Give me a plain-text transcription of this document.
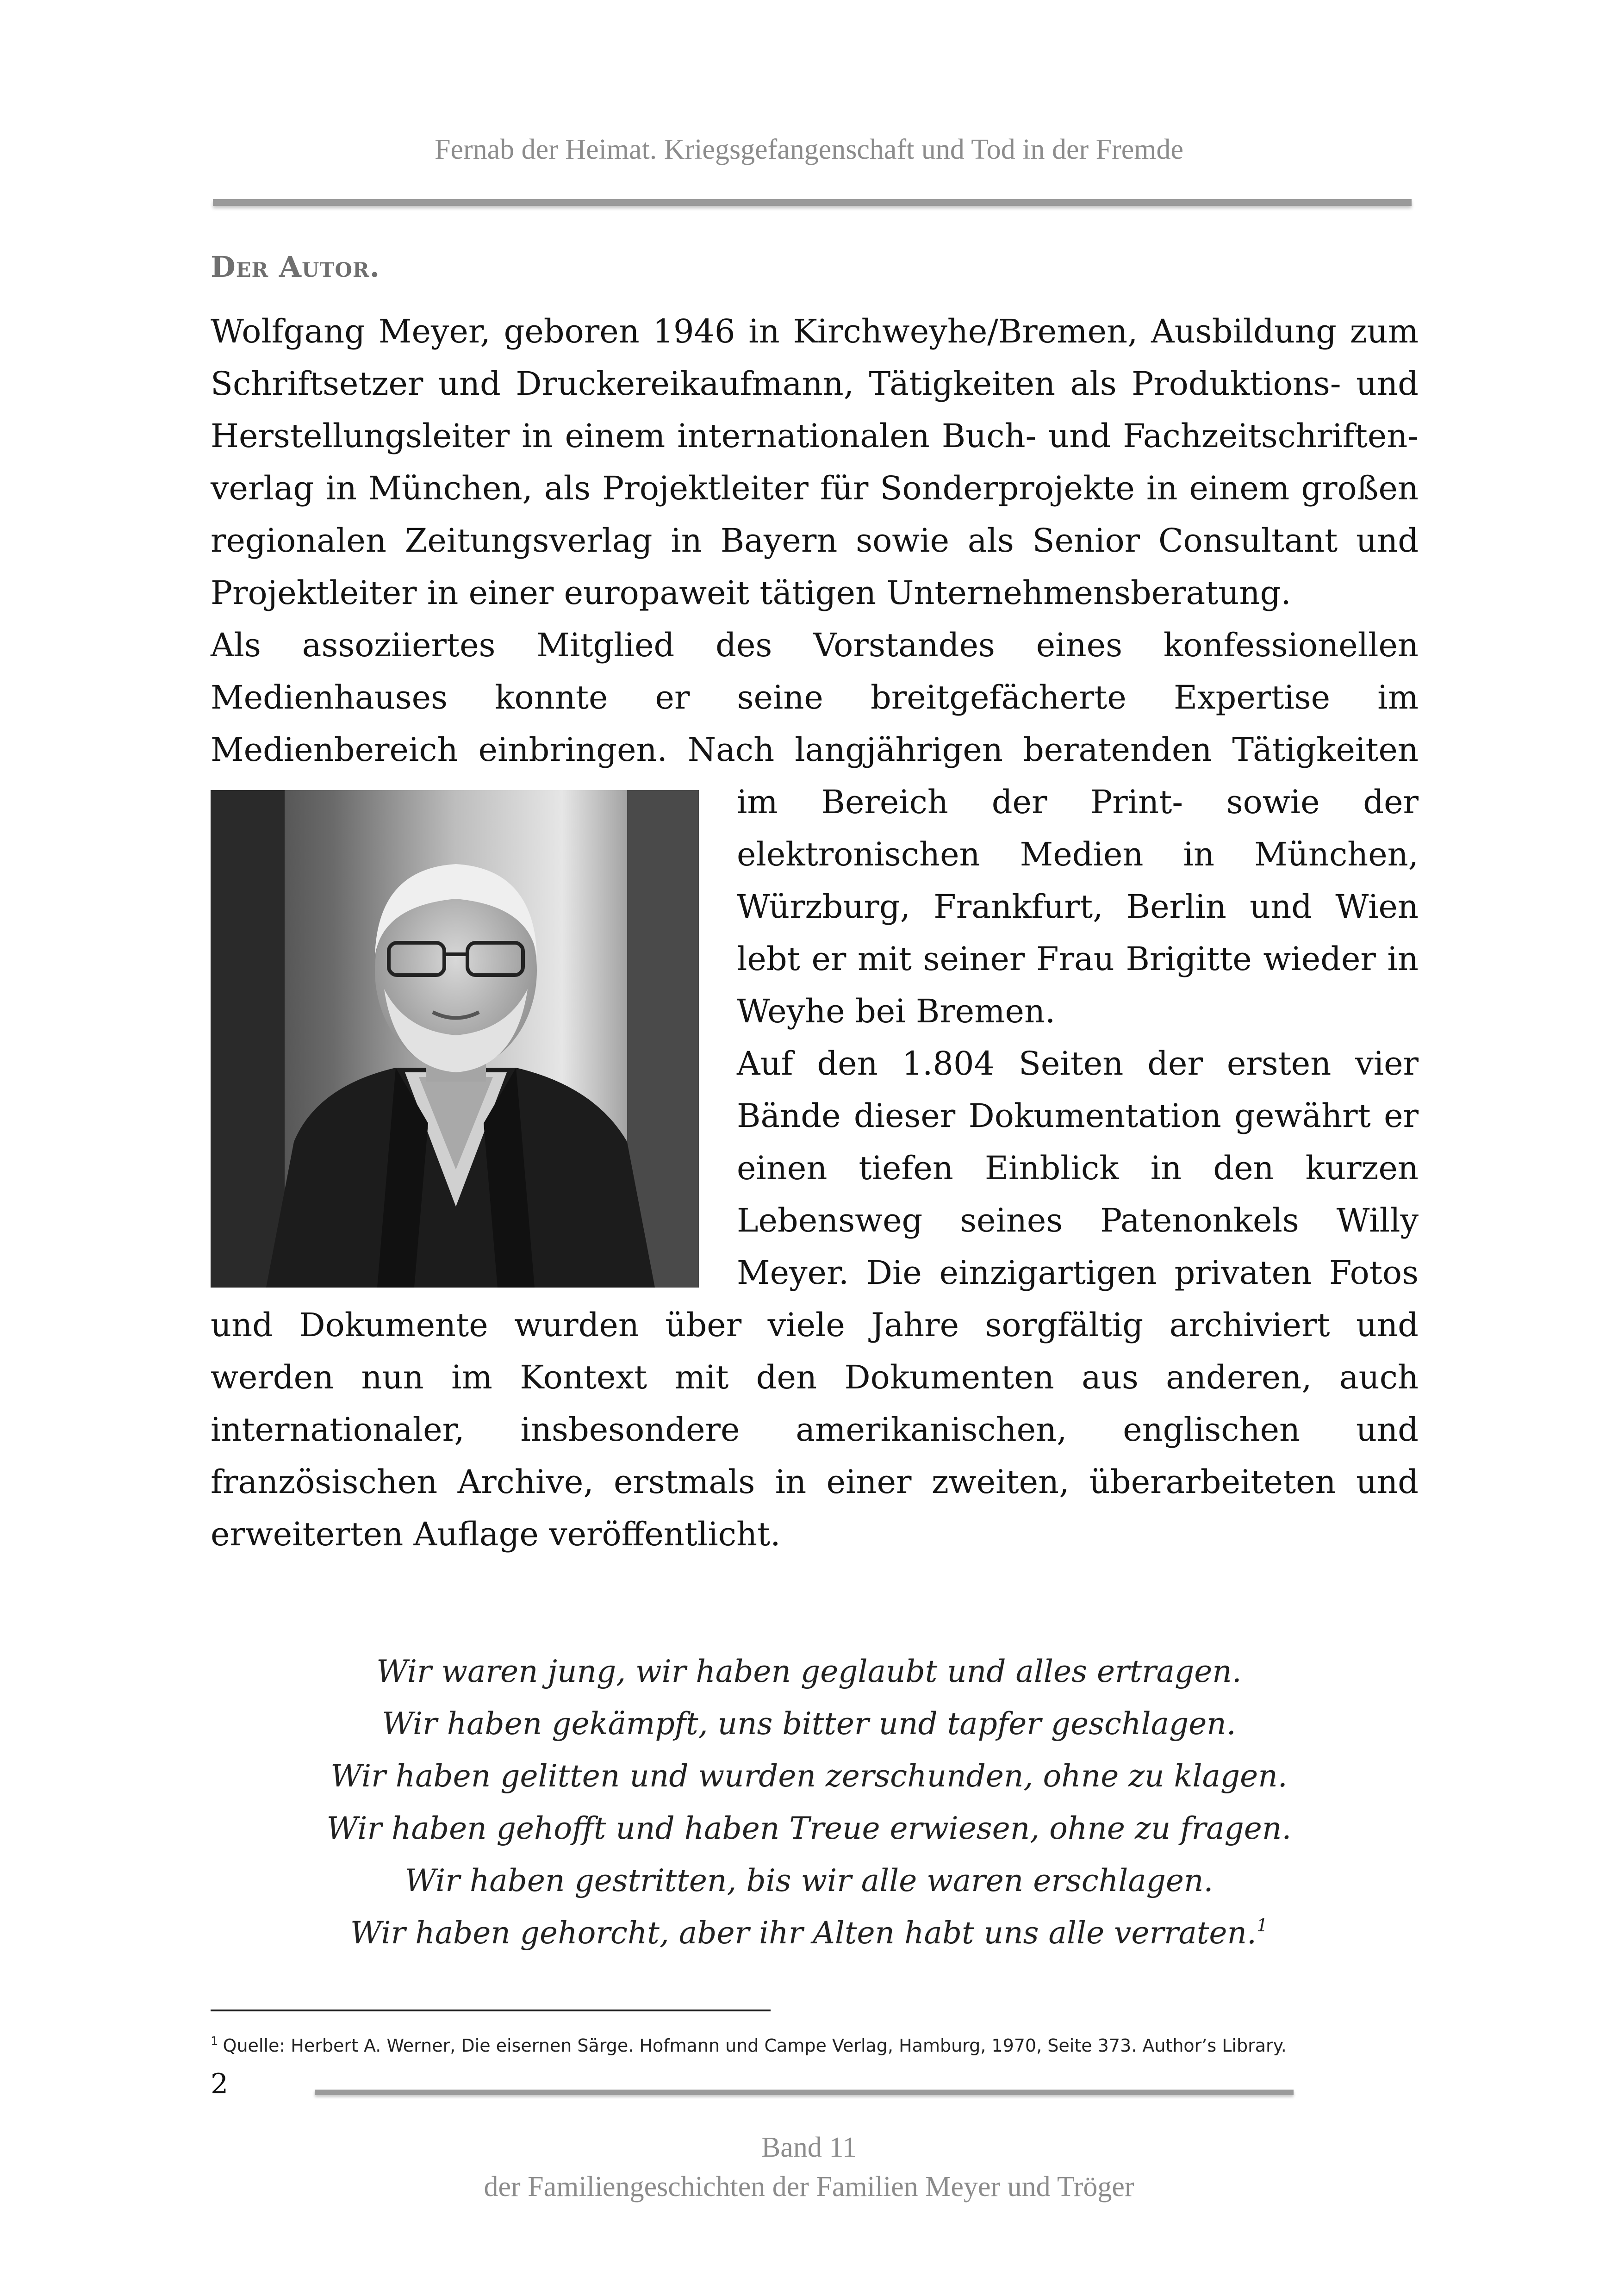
Fernab der Heimat. Kriegsgefangenschaft und Tod in der Fremde
Der Autor.

Wolfgang Meyer, geboren 1946 in Kirchweyhe/Bremen, Ausbildung zum Schriftsetzer und Druckereikaufmann, Tätigkeiten als Produktions- und Herstellungsleiter in einem internationalen Buch- und Fachzeitschriften-verlag in München, als Projektleiter für Sonderprojekte in einem großen regionalen Zeitungsverlag in Bayern sowie als Senior Consultant und Projektleiter in einer europaweit tätigen Unternehmensberatung.

Als assoziiertes Mitglied des Vorstandes eines konfessionellen Medienhauses konnte er seine breitgefächerte Expertise im Medienbereich einbringen. Nach langjährigen beratenden Tätigkeiten im Bereich der Print- sowie der elektronischen Medien in München, Würzburg, Frankfurt, Berlin und Wien lebt er mit seiner Frau Brigitte wieder in Weyhe bei Bremen.

Auf den 1.804 Seiten der ersten vier Bände dieser Dokumentation gewährt er einen tiefen Einblick in den kurzen Lebensweg seines Patenonkels Willy Meyer. Die einzigartigen privaten Fotos und Dokumente wurden über viele Jahre sorgfältig archiviert und werden nun im Kontext mit den Dokumenten aus anderen, auch internationaler, insbesondere amerikanischen, englischen und französischen Archive, erstmals in einer zweiten, überarbeiteten und erweiterten Auflage veröffentlicht.

Wir waren jung, wir haben geglaubt und alles ertragen.
Wir haben gekämpft, uns bitter und tapfer geschlagen.
Wir haben gelitten und wurden zerschunden, ohne zu klagen.
Wir haben gehofft und haben Treue erwiesen, ohne zu fragen.
Wir haben gestritten, bis wir alle waren erschlagen.
Wir haben gehorcht, aber ihr Alten habt uns alle verraten.$^1$
$^1$ Quelle: Herbert A. Werner, Die eisernen Särge. Hofmann und Campe Verlag, Hamburg, 1970, Seite 373. Author’s Library.
2
Band 11
der Familiengeschichten der Familien Meyer und Tröger
